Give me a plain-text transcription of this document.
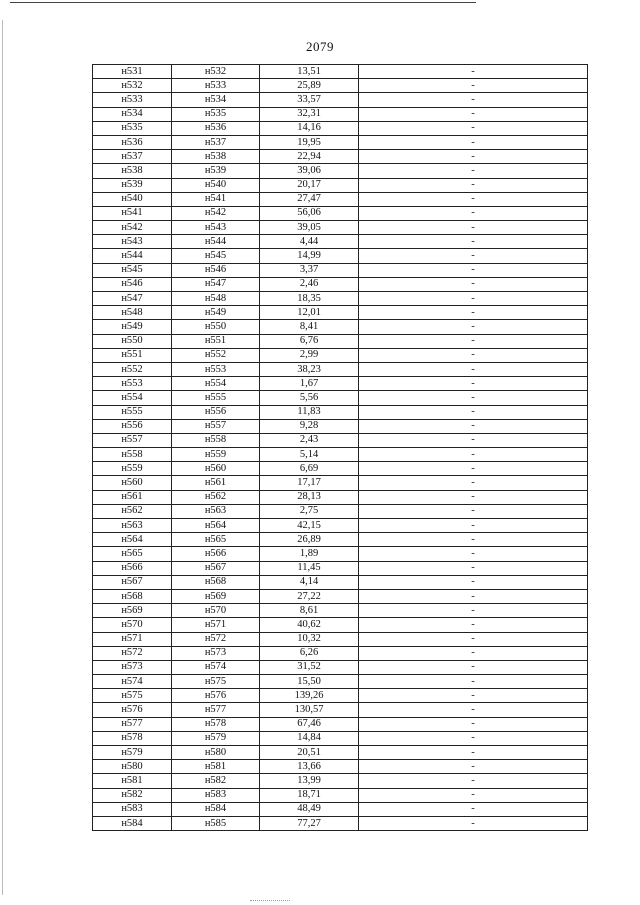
2079
н531	н532	13,51	-
н532	н533	25,89	-
н533	н534	33,57	-
н534	н535	32,31	-
н535	н536	14,16	-
н536	н537	19,95	-
н537	н538	22,94	-
н538	н539	39,06	-
н539	н540	20,17	-
н540	н541	27,47	-
н541	н542	56,06	-
н542	н543	39,05	-
н543	н544	4,44	-
н544	н545	14,99	-
н545	н546	3,37	-
н546	н547	2,46	-
н547	н548	18,35	-
н548	н549	12,01	-
н549	н550	8,41	-
н550	н551	6,76	-
н551	н552	2,99	-
н552	н553	38,23	-
н553	н554	1,67	-
н554	н555	5,56	-
н555	н556	11,83	-
н556	н557	9,28	-
н557	н558	2,43	-
н558	н559	5,14	-
н559	н560	6,69	-
н560	н561	17,17	-
н561	н562	28,13	-
н562	н563	2,75	-
н563	н564	42,15	-
н564	н565	26,89	-
н565	н566	1,89	-
н566	н567	11,45	-
н567	н568	4,14	-
н568	н569	27,22	-
н569	н570	8,61	-
н570	н571	40,62	-
н571	н572	10,32	-
н572	н573	6,26	-
н573	н574	31,52	-
н574	н575	15,50	-
н575	н576	139,26	-
н576	н577	130,57	-
н577	н578	67,46	-
н578	н579	14,84	-
н579	н580	20,51	-
н580	н581	13,66	-
н581	н582	13,99	-
н582	н583	18,71	-
н583	н584	48,49	-
н584	н585	77,27	-
